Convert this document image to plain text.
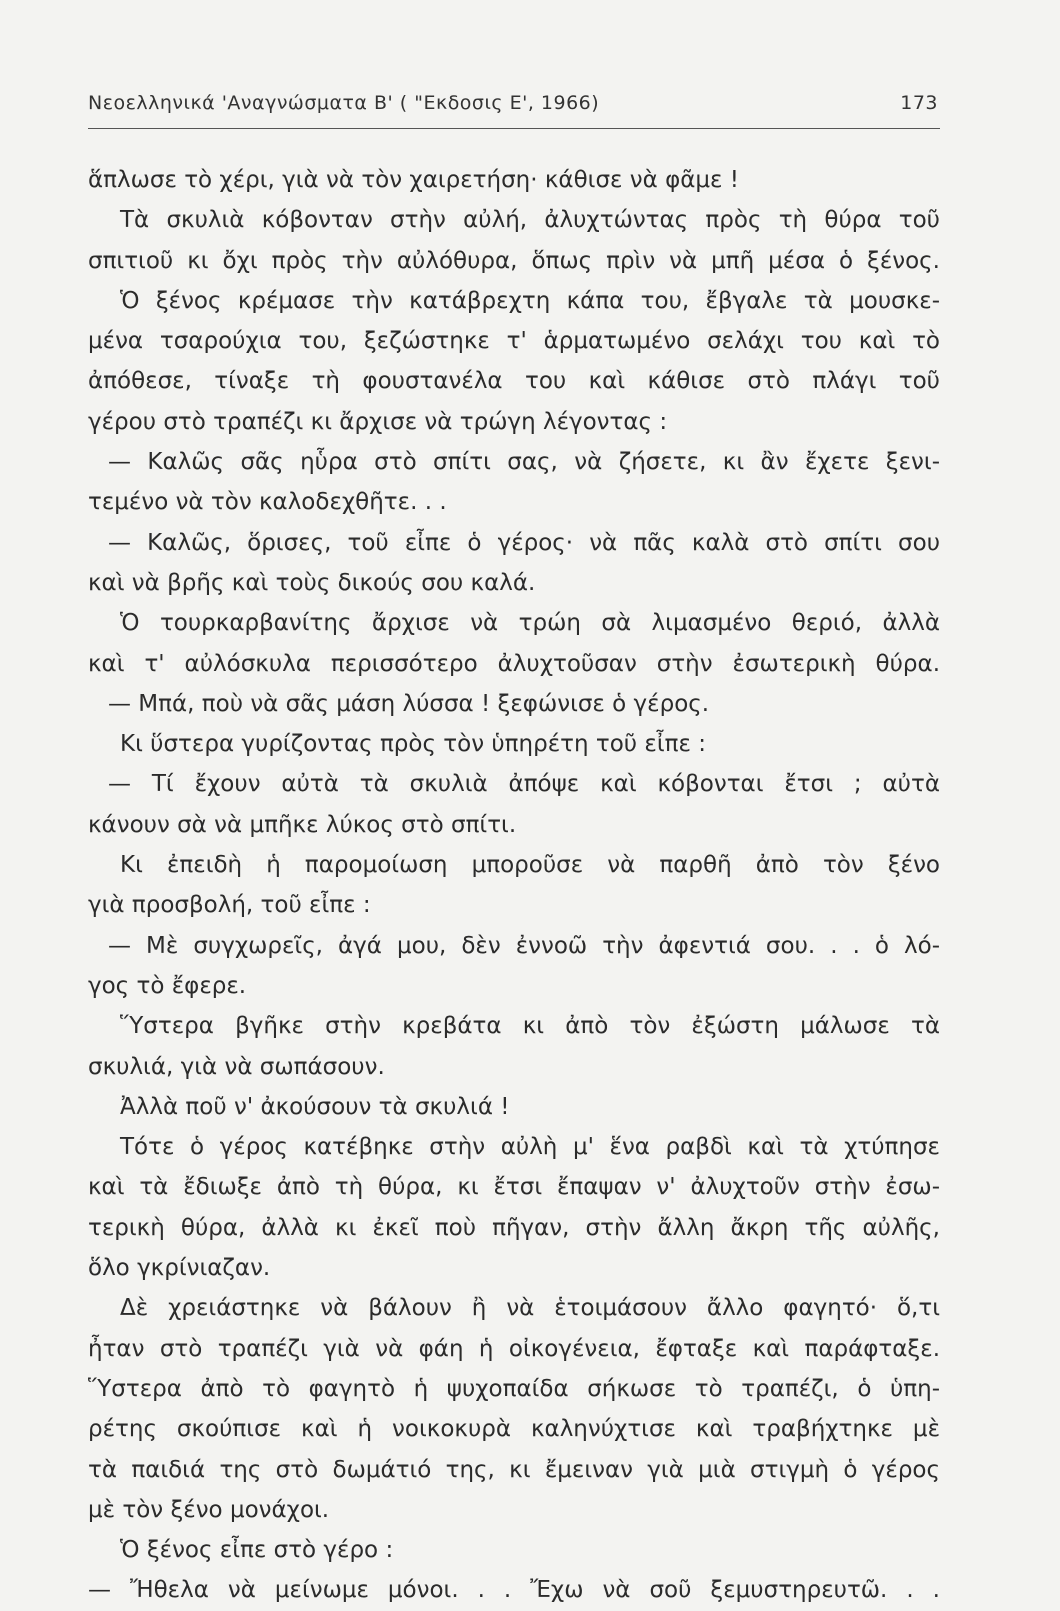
Νεοελληνικά 'Αναγνώσματα Β' ( "Εκδοσις Ε', 1966)	173
ἅπλωσε τὸ χέρι, γιὰ νὰ τὸν χαιρετήση· κάθισε νὰ φᾶμε !
Τὰ σκυλιὰ κόβονταν στὴν αὐλή, ἀλυχτώντας πρὸς τὴ θύρα τοῦ
σπιτιοῦ κι ὄχι πρὸς τὴν αὐλόθυρα, ὅπως πρὶν νὰ μπῆ μέσα ὁ ξένος.
Ὁ ξένος κρέμασε τὴν κατάβρεχτη κάπα του, ἔβγαλε τὰ μουσκε-
μένα τσαρούχια του, ξεζώστηκε τ' ἁρματωμένο σελάχι του καὶ τὸ
ἀπόθεσε, τίναξε τὴ φουστανέλα του καὶ κάθισε στὸ πλάγι τοῦ
γέρου στὸ τραπέζι κι ἄρχισε νὰ τρώγη λέγοντας :
— Καλῶς σᾶς ηὗρα στὸ σπίτι σας, νὰ ζήσετε, κι ἂν ἔχετε ξενι-
τεμένο νὰ τὸν καλοδεχθῆτε. . .
— Καλῶς, ὅρισες, τοῦ εἶπε ὁ γέρος· νὰ πᾶς καλὰ στὸ σπίτι σου
καὶ νὰ βρῆς καὶ τοὺς δικούς σου καλά.
Ὁ τουρκαρβανίτης ἄρχισε νὰ τρώη σὰ λιμασμένο θεριό, ἀλλὰ
καὶ τ' αὐλόσκυλα περισσότερο ἀλυχτοῦσαν στὴν ἐσωτερικὴ θύρα.
— Μπά, ποὺ νὰ σᾶς μάση λύσσα ! ξεφώνισε ὁ γέρος.
Κι ὕστερα γυρίζοντας πρὸς τὸν ὑπηρέτη τοῦ εἶπε :
— Τί ἔχουν αὐτὰ τὰ σκυλιὰ ἀπόψε καὶ κόβονται ἔτσι ; αὐτὰ
κάνουν σὰ νὰ μπῆκε λύκος στὸ σπίτι.
Κι ἐπειδὴ ἡ παρομοίωση μποροῦσε νὰ παρθῆ ἀπὸ τὸν ξένο
γιὰ προσβολή, τοῦ εἶπε :
— Μὲ συγχωρεῖς, ἀγά μου, δὲν ἐννοῶ τὴν ἀφεντιά σου. . . ὁ λό-
γος τὸ ἔφερε.
Ὕστερα βγῆκε στὴν κρεβάτα κι ἀπὸ τὸν ἐξώστη μάλωσε τὰ
σκυλιά, γιὰ νὰ σωπάσουν.
Ἀλλὰ ποῦ ν' ἀκούσουν τὰ σκυλιά !
Τότε ὁ γέρος κατέβηκε στὴν αὐλὴ μ' ἕνα ραβδὶ καὶ τὰ χτύπησε
καὶ τὰ ἔδιωξε ἀπὸ τὴ θύρα, κι ἔτσι ἔπαψαν ν' ἀλυχτοῦν στὴν ἐσω-
τερικὴ θύρα, ἀλλὰ κι ἐκεῖ ποὺ πῆγαν, στὴν ἄλλη ἄκρη τῆς αὐλῆς,
ὅλο γκρίνιαζαν.
Δὲ χρειάστηκε νὰ βάλουν ἢ νὰ ἑτοιμάσουν ἄλλο φαγητό· ὅ,τι
ἦταν στὸ τραπέζι γιὰ νὰ φάη ἡ οἰκογένεια, ἔφταξε καὶ παράφταξε.
Ὕστερα ἀπὸ τὸ φαγητὸ ἡ ψυχοπαίδα σήκωσε τὸ τραπέζι, ὁ ὑπη-
ρέτης σκούπισε καὶ ἡ νοικοκυρὰ καληνύχτισε καὶ τραβήχτηκε μὲ
τὰ παιδιά της στὸ δωμάτιό της, κι ἔμειναν γιὰ μιὰ στιγμὴ ὁ γέρος
μὲ τὸν ξένο μονάχοι.
Ὁ ξένος εἶπε στὸ γέρο :
— Ἤθελα νὰ μείνωμε μόνοι. . . Ἔχω νὰ σοῦ ξεμυστηρευτῶ. . .
